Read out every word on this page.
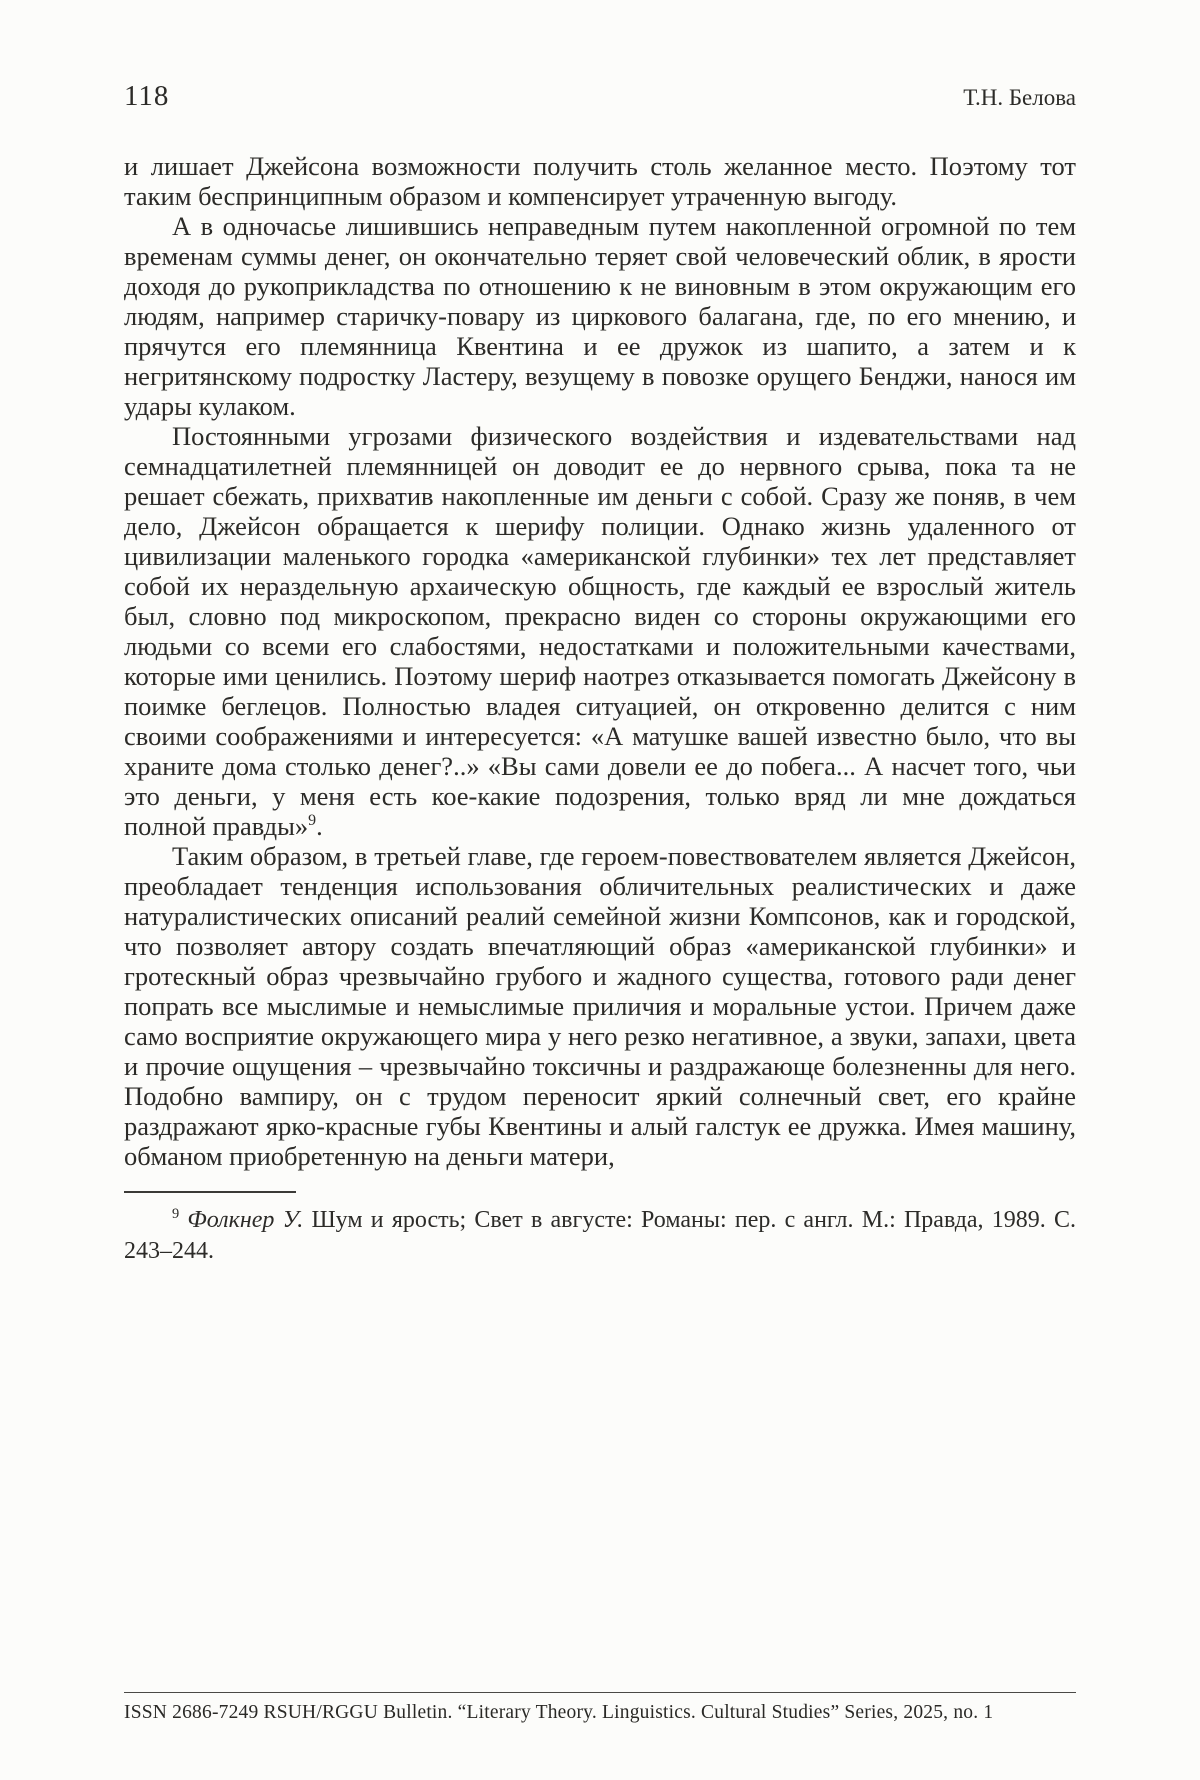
118	Т.Н. Белова

и лишает Джейсона возможности получить столь желанное место. Поэтому тот таким беспринципным образом и компенсирует утраченную выгоду.

А в одночасье лишившись неправедным путем накопленной огромной по тем временам суммы денег, он окончательно теряет свой человеческий облик, в ярости доходя до рукоприкладства по отношению к не виновным в этом окружающим его людям, например старичку-повару из циркового балагана, где, по его мнению, и прячутся его племянница Квентина и ее дружок из шапито, а затем и к негритянскому подростку Ластеру, везущему в повозке орущего Бенджи, нанося им удары кулаком.

Постоянными угрозами физического воздействия и издевательствами над семнадцатилетней племянницей он доводит ее до нервного срыва, пока та не решает сбежать, прихватив накопленные им деньги с собой. Сразу же поняв, в чем дело, Джейсон обращается к шерифу полиции. Однако жизнь удаленного от цивилизации маленького городка «американской глубинки» тех лет представляет собой их нераздельную архаическую общность, где каждый ее взрослый житель был, словно под микроскопом, прекрасно виден со стороны окружающими его людьми со всеми его слабостями, недостатками и положительными качествами, которые ими ценились. Поэтому шериф наотрез отказывается помогать Джейсону в поимке беглецов. Полностью владея ситуацией, он откровенно делится с ним своими соображениями и интересуется: «А матушке вашей известно было, что вы храните дома столько денег?..» «Вы сами довели ее до побега... А насчет того, чьи это деньги, у меня есть кое-какие подозрения, только вряд ли мне дождаться полной правды»$^9$.

Таким образом, в третьей главе, где героем-повествователем является Джейсон, преобладает тенденция использования обличительных реалистических и даже натуралистических описаний реалий семейной жизни Компсонов, как и городской, что позволяет автору создать впечатляющий образ «американской глубинки» и гротескный образ чрезвычайно грубого и жадного существа, готового ради денег попрать все мыслимые и немыслимые приличия и моральные устои. Причем даже само восприятие окружающего мира у него резко негативное, а звуки, запахи, цвета и прочие ощущения – чрезвычайно токсичны и раздражающе болезненны для него. Подобно вампиру, он с трудом переносит яркий солнечный свет, его крайне раздражают ярко-красные губы Квентины и алый галстук ее дружка. Имея машину, обманом приобретенную на деньги матери,

$^9$ Фолкнер У. Шум и ярость; Свет в августе: Романы: пер. с англ. М.: Правда, 1989. С. 243–244.

ISSN 2686-7249 RSUH/RGGU Bulletin. “Literary Theory. Linguistics. Cultural Studies” Series, 2025, no. 1
